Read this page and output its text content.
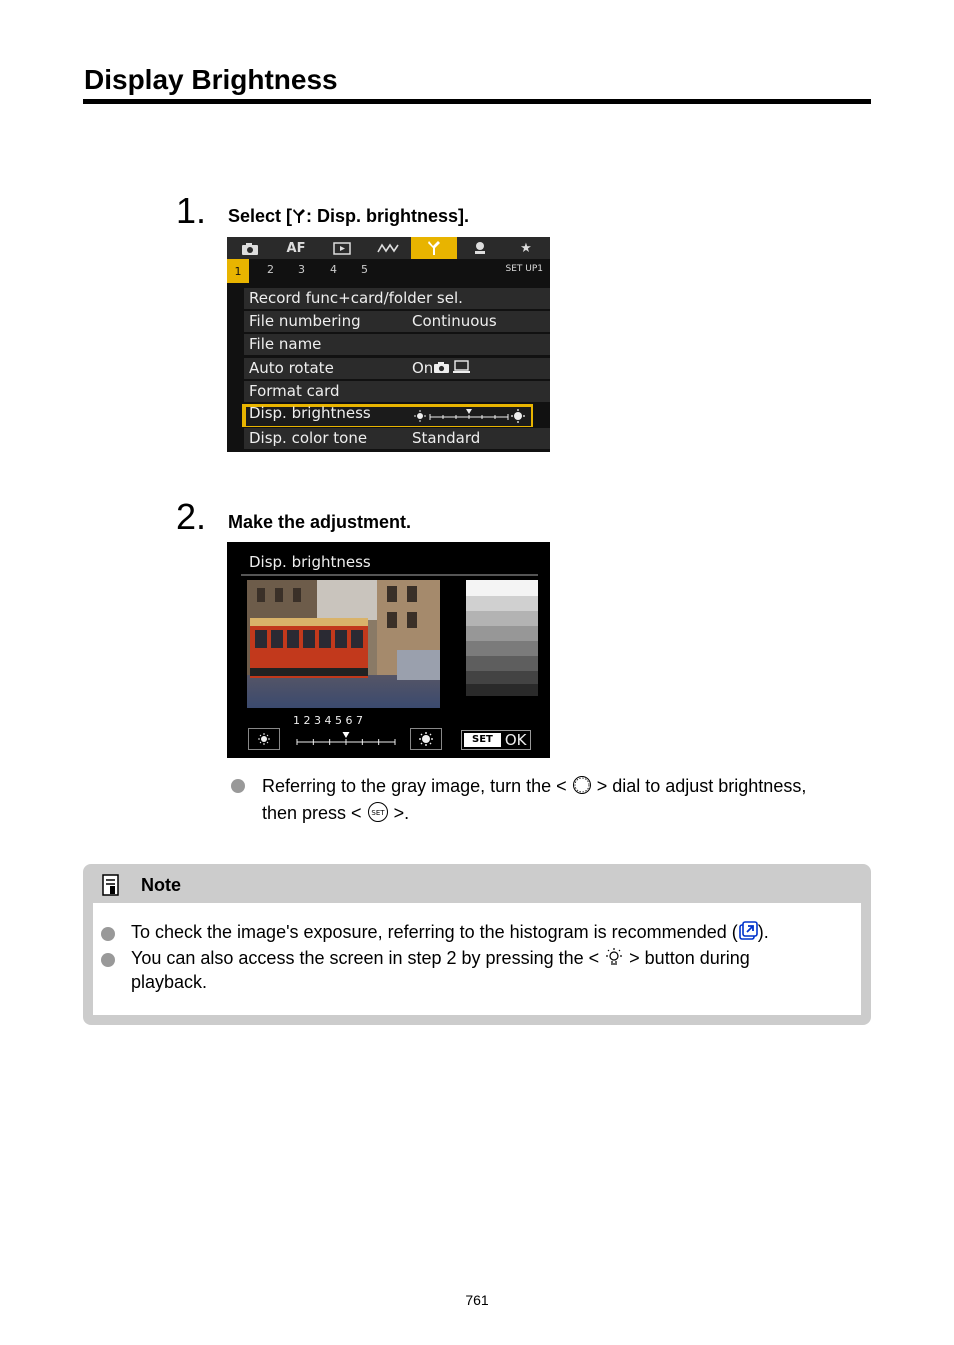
Display Brightness
1. Select [ : Disp. brightness].
AF	★
1	2 3 4 5	SET UP1
Record func+card/folder sel.
File numbering	Continuous
File name
Auto rotate	On
Format card
Disp. brightness
Disp. color tone	Standard
2. Make the adjustment.
Disp. brightness
1 2 3 4 5 6 7
SET OK
Referring to the gray image, turn the < > dial to adjust brightness,
then press < SET >.
Note
To check the image's exposure, referring to the histogram is recommended ( ).
You can also access the screen in step 2 by pressing the < > button during
playback.
761
